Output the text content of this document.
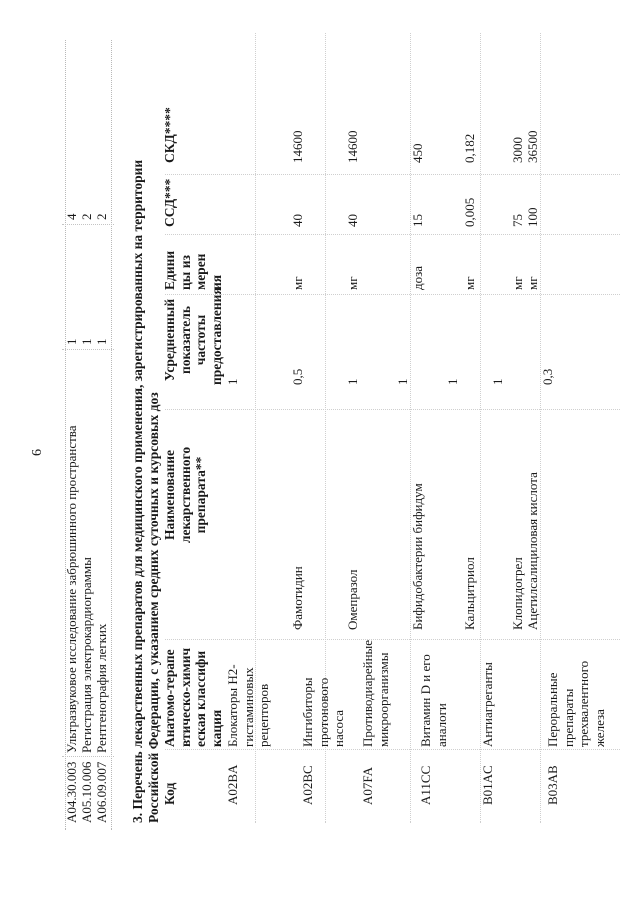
6
A04.30.003
Ультразвуковое исследование забрюшинного пространства
1
4
A05.10.006
Регистрация электрокардиограммы
1
2
A06.09.007
Рентгенография легких
1
2 3. Перечень лекарственных препаратов для медицинского применения, зарегистрированных на территории Российской Федерации, с указанием средних суточных и курсовых доз Код
Анатомо-терапевтическо-химическая классификация
Наименование лекарственного препарата**
Усредненный показатель частоты предоставления
Единицы измерения
ССД***
СКД****
A02BA
Блокаторы H2-гистаминовых рецепторов
1
Фамотидин
0,5
мг
40
14600
A02BC
Ингибиторы протонового насоса
Омепразол
1
мг
40
14600
A07FA
Противодиарейные микроорганизмы
1
Бифидобактерии бифидум
доза
15
450
A11CC
Витамин D и его аналоги
1
Кальцитриол
мг
0,005
0,182
B01AC
Антиагреганты
1
Клопидогрел
мг
75
3000
Ацетилсалициловая кислота
мг
100
36500
B03AB
Пероральные препараты трехвалентного железа
0,3
